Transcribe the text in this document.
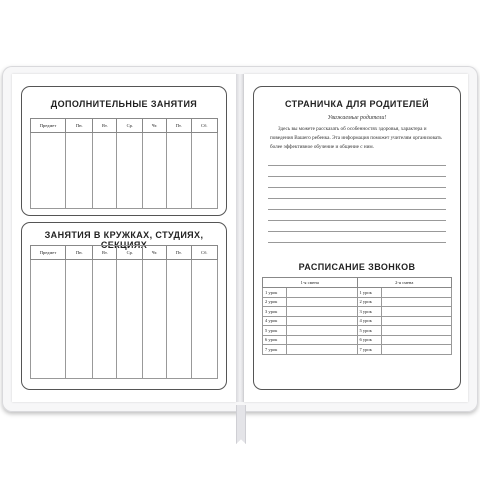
ДОПОЛНИТЕЛЬНЫЕ ЗАНЯТИЯ
Предмет	Пн.	Вт.	Ср.	Чт.	Пт.	Сб.

ЗАНЯТИЯ В КРУЖКАХ, СТУДИЯХ, СЕКЦИЯХ
Предмет	Пн.	Вт.	Ср.	Чт.	Пт.	Сб.

СТРАНИЧКА ДЛЯ РОДИТЕЛЕЙ
Уважаемые родители!
Здесь вы можете рассказать об особенностях здоровья, характера и поведения Вашего ребенка. Эта информация поможет учителям организовать более эффективное обучение и общение с ним.
РАСПИСАНИЕ ЗВОНКОВ
1-я смена		2-я смена	
1 урок		1 урок	
2 урок		2 урок	
3 урок		3 урок	
4 урок		4 урок	
5 урок		5 урок	
6 урок		6 урок	
7 урок		7 урок	
